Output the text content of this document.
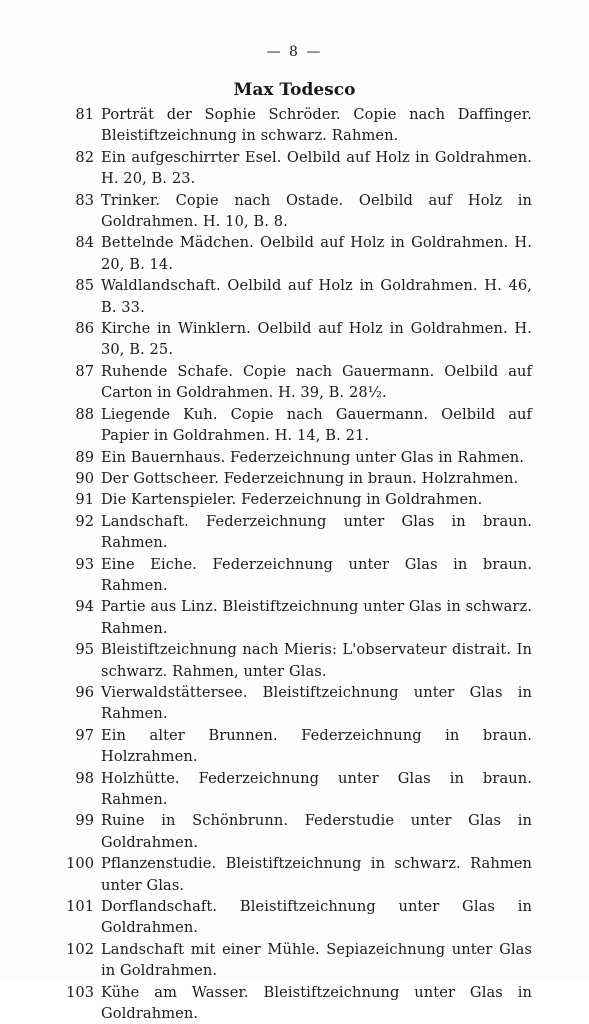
— 8 —
Max Todesco
81 Porträt der Sophie Schröder. Copie nach Daffinger. Bleistiftzeichnung in schwarz. Rahmen.
82 Ein aufgeschirrter Esel. Oelbild auf Holz in Goldrahmen. H. 20, B. 23.
83 Trinker. Copie nach Ostade. Oelbild auf Holz in Goldrahmen. H. 10, B. 8.
84 Bettelnde Mädchen. Oelbild auf Holz in Goldrahmen. H. 20, B. 14.
85 Waldlandschaft. Oelbild auf Holz in Goldrahmen. H. 46, B. 33.
86 Kirche in Winklern. Oelbild auf Holz in Goldrahmen. H. 30, B. 25.
87 Ruhende Schafe. Copie nach Gauermann. Oelbild auf Carton in Goldrahmen. H. 39, B. 28½.
88 Liegende Kuh. Copie nach Gauermann. Oelbild auf Papier in Goldrahmen. H. 14, B. 21.
89 Ein Bauernhaus. Federzeichnung unter Glas in Rahmen.
90 Der Gottscheer. Federzeichnung in braun. Holzrahmen.
91 Die Kartenspieler. Federzeichnung in Goldrahmen.
92 Landschaft. Federzeichnung unter Glas in braun. Rahmen.
93 Eine Eiche. Federzeichnung unter Glas in braun. Rahmen.
94 Partie aus Linz. Bleistiftzeichnung unter Glas in schwarz. Rahmen.
95 Bleistiftzeichnung nach Mieris: L'observateur distrait. In schwarz. Rahmen, unter Glas.
96 Vierwaldstättersee. Bleistiftzeichnung unter Glas in Rahmen.
97 Ein alter Brunnen. Federzeichnung in braun. Holzrahmen.
98 Holzhütte. Federzeichnung unter Glas in braun. Rahmen.
99 Ruine in Schönbrunn. Federstudie unter Glas in Goldrahmen.
100 Pflanzenstudie. Bleistiftzeichnung in schwarz. Rahmen unter Glas.
101 Dorflandschaft. Bleistiftzeichnung unter Glas in Goldrahmen.
102 Landschaft mit einer Mühle. Sepiazeichnung unter Glas in Goldrahmen.
103 Kühe am Wasser. Bleistiftzeichnung unter Glas in Goldrahmen.
